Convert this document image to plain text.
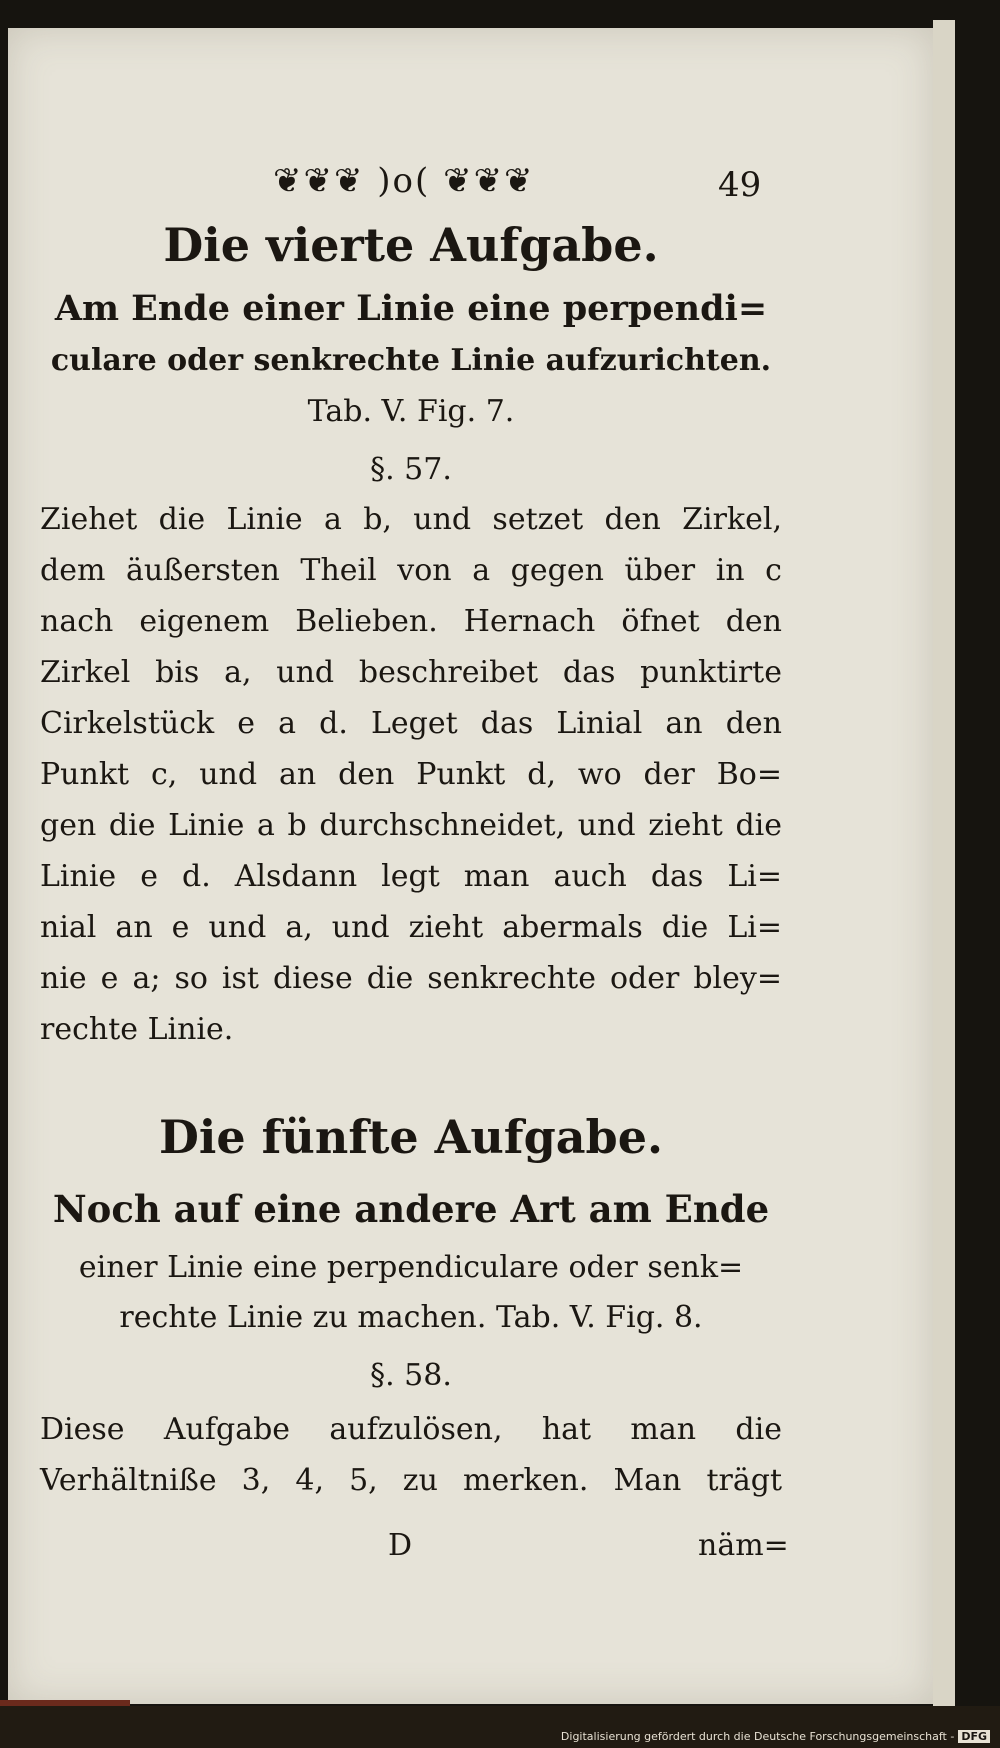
❦❦❦ )o( ❦❦❦	49
Die vierte Aufgabe.
Am Ende einer Linie eine perpendi=
culare oder senkrechte Linie aufzurichten.
Tab. V. Fig. 7.
§. 57.
Ziehet die Linie a b, und setzet den Zirkel,
dem äußersten Theil von a gegen über in c
nach eigenem Belieben. Hernach öfnet den
Zirkel bis a, und beschreibet das punktirte
Cirkelstück e a d. Leget das Linial an den
Punkt c, und an den Punkt d, wo der Bo=
gen die Linie a b durchschneidet, und zieht die
Linie e d. Alsdann legt man auch das Li=
nial an e und a, und zieht abermals die Li=
nie e a; so ist diese die senkrechte oder bley=
rechte Linie.
Die fünfte Aufgabe.
Noch auf eine andere Art am Ende
einer Linie eine perpendiculare oder senk=
rechte Linie zu machen. Tab. V. Fig. 8.
§. 58.
Diese Aufgabe aufzulösen, hat man die
Verhältniße 3, 4, 5, zu merken. Man trägt
D	näm=
Digitalisierung gefördert durch die Deutsche Forschungsgemeinschaft - DFG
